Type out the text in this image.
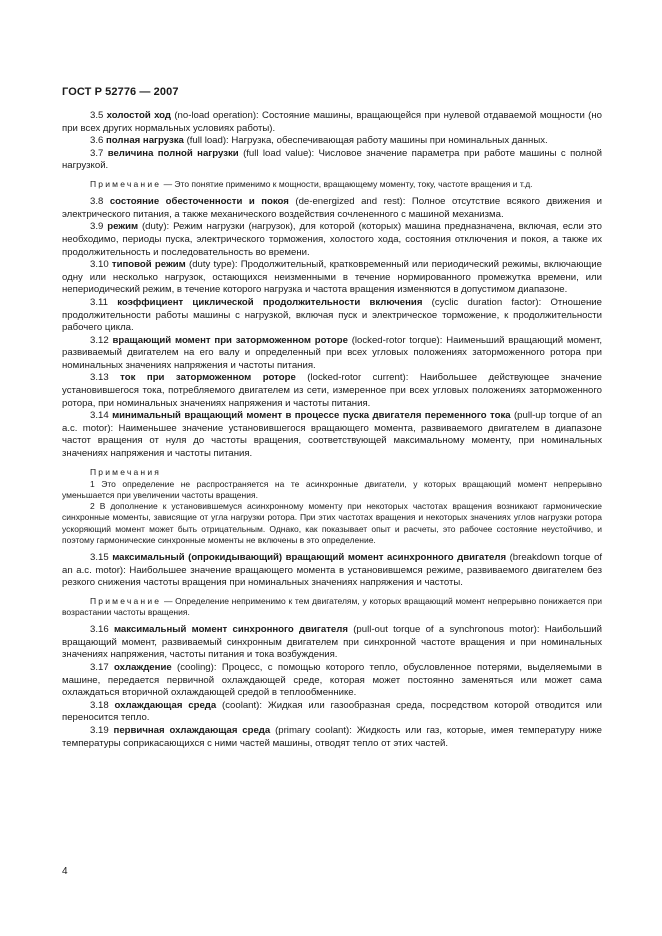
ГОСТ Р 52776 — 2007

3.5 холостой ход (no-load operation): Состояние машины, вращающейся при нулевой отдаваемой мощности (но при всех других нормальных условиях работы).

3.6 полная нагрузка (full load): Нагрузка, обеспечивающая работу машины при номинальных данных.

3.7 величина полной нагрузки (full load value): Числовое значение параметра при работе машины с полной нагрузкой.

Примечание — Это понятие применимо к мощности, вращающему моменту, току, частоте вращения и т.д.

3.8 состояние обесточенности и покоя (de-energized and rest): Полное отсутствие всякого движения и электрического питания, а также механического воздействия сочлененного с машиной механизма.

3.9 режим (duty): Режим нагрузки (нагрузок), для которой (которых) машина предназначена, включая, если это необходимо, периоды пуска, электрического торможения, холостого хода, состояния отключения и покоя, а также их продолжительность и последовательность во времени.

3.10 типовой режим (duty type): Продолжительный, кратковременный или периодический режимы, включающие одну или несколько нагрузок, остающихся неизменными в течение нормированного промежутка времени, или непериодический режим, в течение которого нагрузка и частота вращения изменяются в допустимом диапазоне.

3.11 коэффициент циклической продолжительности включения (cyclic duration factor): Отношение продолжительности работы машины с нагрузкой, включая пуск и электрическое торможение, к продолжительности рабочего цикла.

3.12 вращающий момент при заторможенном роторе (locked-rotor torque): Наименьший вращающий момент, развиваемый двигателем на его валу и определенный при всех угловых положениях заторможенного ротора при номинальных значениях напряжения и частоты питания.

3.13 ток при заторможенном роторе (locked-rotor current): Наибольшее действующее значение установившегося тока, потребляемого двигателем из сети, измеренное при всех угловых положениях заторможенного ротора, при номинальных значениях напряжения и частоты питания.

3.14 минимальный вращающий момент в процессе пуска двигателя переменного тока (pull-up torque of an a.c. motor): Наименьшее значение установившегося вращающего момента, развиваемого двигателем в диапазоне частот вращения от нуля до частоты вращения, соответствующей максимальному моменту, при номинальных значениях напряжения и частоты питания.

Примечания

1 Это определение не распространяется на те асинхронные двигатели, у которых вращающий момент непрерывно уменьшается при увеличении частоты вращения.

2 В дополнение к установившемуся асинхронному моменту при некоторых частотах вращения возникают гармонические синхронные моменты, зависящие от угла нагрузки ротора. При этих частотах вращения и некоторых значениях углов нагрузки ротора ускоряющий момент может быть отрицательным. Однако, как показывает опыт и расчеты, это рабочее состояние неустойчиво, и поэтому гармонические синхронные моменты не включены в это определение.

3.15 максимальный (опрокидывающий) вращающий момент асинхронного двигателя (breakdown torque of an a.c. motor): Наибольшее значение вращающего момента в установившемся режиме, развиваемого двигателем без резкого снижения частоты вращения при номинальных значениях напряжения и частоты.

Примечание — Определение неприменимо к тем двигателям, у которых вращающий момент непрерывно понижается при возрастании частоты вращения.

3.16 максимальный момент синхронного двигателя (pull-out torque of a synchronous motor): Наибольший вращающий момент, развиваемый синхронным двигателем при синхронной частоте вращения и при номинальных значениях напряжения, частоты питания и тока возбуждения.

3.17 охлаждение (cooling): Процесс, с помощью которого тепло, обусловленное потерями, выделяемыми в машине, передается первичной охлаждающей среде, которая может постоянно заменяться или может сама охлаждаться вторичной охлаждающей средой в теплообменнике.

3.18 охлаждающая среда (coolant): Жидкая или газообразная среда, посредством которой отводится или переносится тепло.

3.19 первичная охлаждающая среда (primary coolant): Жидкость или газ, которые, имея температуру ниже температуры соприкасающихся с ними частей машины, отводят тепло от этих частей.

4
